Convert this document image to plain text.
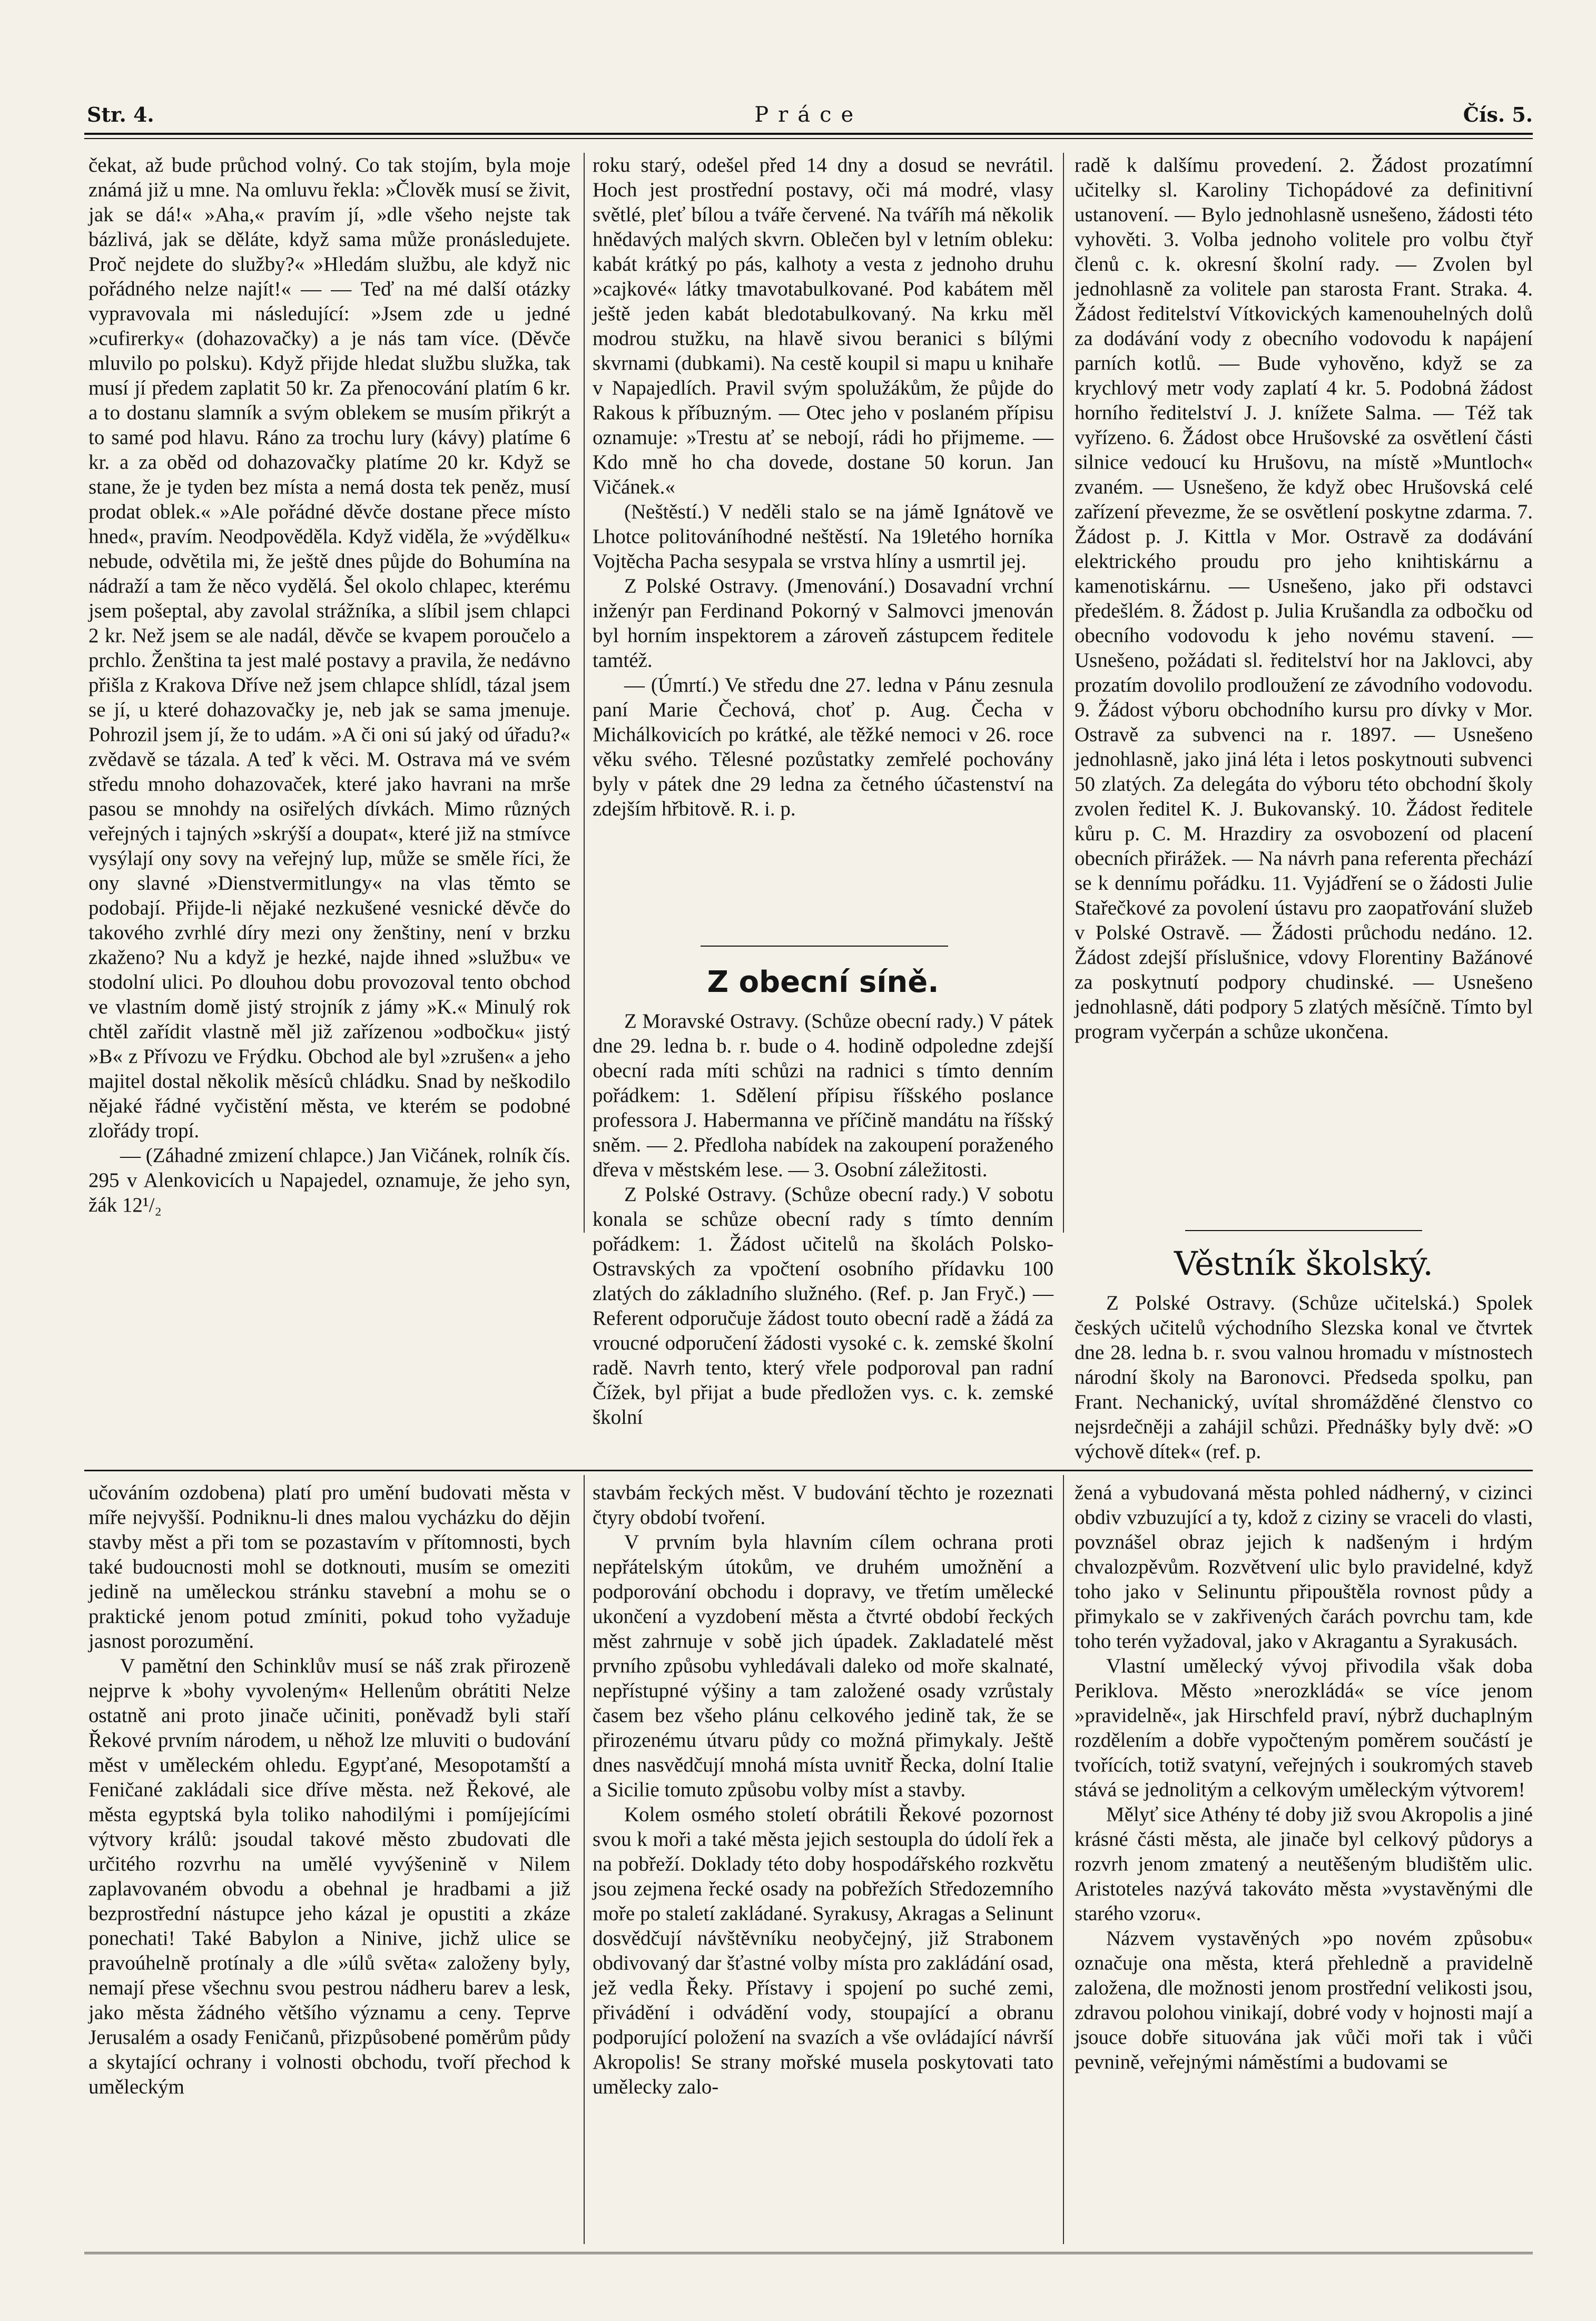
Str. 4.	Práce	Čís. 5.

čekat, až bude průchod volný. Co tak stojím, byla moje známá již u mne. Na omluvu řekla: »Člověk musí se živit, jak se dá!« »Aha,« pravím jí, »dle všeho nejste tak bázlivá, jak se děláte, když sama může pronásledujete. Proč nejdete do služby?« »Hledám službu, ale když nic pořádného nelze najít!« — — Teď na mé další otázky vypravovala mi následující: »Jsem zde u jedné »cufirerky« (dohazovačky) a je nás tam více. (Děvče mluvilo po polsku). Když přijde hledat službu služka, tak musí jí předem zaplatit 50 kr. Za přenocování platím 6 kr. a to dostanu slamník a svým oblekem se musím přikrýt a to samé pod hlavu. Ráno za trochu lury (kávy) platíme 6 kr. a za oběd od dohazovačky platíme 20 kr. Když se stane, že je tyden bez místa a nemá dosta tek peněz, musí prodat oblek.« »Ale pořádné děvče dostane přece místo hned«, pravím. Neodpověděla. Když viděla, že »výdělku« nebude, odvětila mi, že ještě dnes půjde do Bohumína na nádraží a tam že něco vydělá. Šel okolo chlapec, kterému jsem pošeptal, aby zavolal strážníka, a slíbil jsem chlapci 2 kr. Než jsem se ale nadál, děvče se kvapem poroučelo a prchlo. Ženština ta jest malé postavy a pravila, že nedávno přišla z Krakova Dříve než jsem chlapce shlídl, tázal jsem se jí, u které dohazovačky je, neb jak se sama jmenuje. Pohrozil jsem jí, že to udám. »A či oni sú jaký od úřadu?« zvědavě se tázala. A teď k věci. M. Ostrava má ve svém středu mnoho dohazovaček, které jako havrani na mrše pasou se mnohdy na osiřelých dívkách. Mimo různých veřejných i tajných »skrýší a doupat«, které již na stmívce vysýlají ony sovy na veřejný lup, může se směle říci, že ony slavné »Dienstvermitlungy« na vlas těmto se podobají. Přijde-li nějaké nezkušené vesnické děvče do takového zvrhlé díry mezi ony ženštiny, není v brzku zkaženo? Nu a když je hezké, najde ihned »službu« ve stodolní ulici. Po dlouhou dobu provozoval tento obchod ve vlastním domě jistý strojník z jámy »K.« Minulý rok chtěl zařídit vlastně měl již zařízenou »odbočku« jistý »B« z Přívozu ve Frýdku. Obchod ale byl »zrušen« a jeho majitel dostal několik měsíců chládku. Snad by neškodilo nějaké řádné vyčistění města, ve kterém se podobné zlořády tropí.

— (Záhadné zmizení chlapce.) Jan Vičánek, rolník čís. 295 v Alenkovicích u Napajedel, oznamuje, že jeho syn, žák 12¹/₂

roku starý, odešel před 14 dny a dosud se nevrátil. Hoch jest prostřední postavy, oči má modré, vlasy světlé, pleť bílou a tváře červené. Na tváříh má několik hnědavých malých skvrn. Oblečen byl v letním obleku: kabát krátký po pás, kalhoty a vesta z jednoho druhu »cajkové« látky tmavotabulkované. Pod kabátem měl ještě jeden kabát bledotabulkovaný. Na krku měl modrou stužku, na hlavě sivou beranici s bílými skvrnami (dubkami). Na cestě koupil si mapu u knihaře v Napajedlích. Pravil svým spolužákům, že půjde do Rakous k příbuzným. — Otec jeho v poslaném přípisu oznamuje: »Trestu ať se nebojí, rádi ho přijmeme. — Kdo mně ho cha dovede, dostane 50 korun. Jan Vičánek.«

(Neštěstí.) V neděli stalo se na jámě Ignátově ve Lhotce politováníhodné neštěstí. Na 19letého horníka Vojtěcha Pacha sesypala se vrstva hlíny a usmrtil jej.

Z Polské Ostravy. (Jmenování.) Dosavadní vrchní inženýr pan Ferdinand Pokorný v Salmovci jmenován byl horním inspektorem a zároveň zástupcem ředitele tamtéž.

— (Úmrtí.) Ve středu dne 27. ledna v Pánu zesnula paní Marie Čechová, choť p. Aug. Čecha v Michálkovicích po krátké, ale těžké nemoci v 26. roce věku svého. Tělesné pozůstatky zemřelé pochovány byly v pátek dne 29 ledna za četného účastenství na zdejším hřbitově. R. i. p.

Z obecní síně.

Z Moravské Ostravy. (Schůze obecní rady.) V pátek dne 29. ledna b. r. bude o 4. hodině odpoledne zdejší obecní rada míti schůzi na radnici s tímto denním pořádkem: 1. Sdělení přípisu říšského poslance professora J. Habermanna ve příčině mandátu na říšský sněm. — 2. Předloha nabídek na zakoupení poraženého dřeva v městském lese. — 3. Osobní záležitosti.

Z Polské Ostravy. (Schůze obecní rady.) V sobotu konala se schůze obecní rady s tímto denním pořádkem: 1. Žádost učitelů na školách Polsko-Ostravských za vpočtení osobního přídavku 100 zlatých do základního služného. (Ref. p. Jan Fryč.) — Referent odporučuje žádost touto obecní radě a žádá za vroucné odporučení žádosti vysoké c. k. zemské školní radě. Navrh tento, který vřele podporoval pan radní Čížek, byl přijat a bude předložen vys. c. k. zemské školní

radě k dalšímu provedení. 2. Žádost prozatímní učitelky sl. Karoliny Tichopádové za definitivní ustanovení. — Bylo jednohlasně usnešeno, žádosti této vyhověti. 3. Volba jednoho volitele pro volbu čtyř členů c. k. okresní školní rady. — Zvolen byl jednohlasně za volitele pan starosta Frant. Straka. 4. Žádost ředitelství Vítkovických kamenouhelných dolů za dodávání vody z obecního vodovodu k napájení parních kotlů. — Bude vyhověno, když se za krychlový metr vody zaplatí 4 kr. 5. Podobná žádost horního ředitelství J. J. knížete Salma. — Též tak vyřízeno. 6. Žádost obce Hrušovské za osvětlení části silnice vedoucí ku Hrušovu, na místě »Muntloch« zvaném. — Usnešeno, že když obec Hrušovská celé zařízení převezme, že se osvětlení poskytne zdarma. 7. Žádost p. J. Kittla v Mor. Ostravě za dodávání elektrického proudu pro jeho knihtiskárnu a kamenotiskárnu. — Usnešeno, jako při odstavci předešlém. 8. Žádost p. Julia Krušandla za odbočku od obecního vodovodu k jeho novému stavení. — Usnešeno, požádati sl. ředitelství hor na Jaklovci, aby prozatím dovolilo prodloužení ze závodního vodovodu. 9. Žádost výboru obchodního kursu pro dívky v Mor. Ostravě za subvenci na r. 1897. — Usnešeno jednohlasně, jako jiná léta i letos poskytnouti subvenci 50 zlatých. Za delegáta do výboru této obchodní školy zvolen ředitel K. J. Bukovanský. 10. Žádost ředitele kůru p. C. M. Hrazdiry za osvobození od placení obecních přirážek. — Na návrh pana referenta přechází se k dennímu pořádku. 11. Vyjádření se o žádosti Julie Stařečkové za povolení ústavu pro zaopatřování služeb v Polské Ostravě. — Žádosti průchodu nedáno. 12. Žádost zdejší příslušnice, vdovy Florentiny Bažánové za poskytnutí podpory chudinské. — Usnešeno jednohlasně, dáti podpory 5 zlatých měsíčně. Tímto byl program vyčerpán a schůze ukončena.

Věstník školský.

Z Polské Ostravy. (Schůze učitelská.) Spolek českých učitelů východního Slezska konal ve čtvrtek dne 28. ledna b. r. svou valnou hromadu v místnostech národní školy na Baronovci. Předseda spolku, pan Frant. Nechanický, uvítal shromážděné členstvo co nejsrdečněji a zahájil schůzi. Přednášky byly dvě: »O výchově dítek« (ref. p.

učováním ozdobena) platí pro umění budovati města v míře nejvyšší. Podniknu-li dnes malou vycházku do dějin stavby měst a při tom se pozastavím v přítomnosti, bych také budoucnosti mohl se dotknouti, musím se omeziti jedině na uměleckou stránku stavební a mohu se o praktické jenom potud zmíniti, pokud toho vyžaduje jasnost porozumění.

V pamětní den Schinklův musí se náš zrak přirozeně nejprve k »bohy vyvoleným« Hellenům obrátiti Nelze ostatně ani proto jinače učiniti, poněvadž byli staří Řekové prvním národem, u něhož lze mluviti o budování měst v uměleckém ohledu. Egypťané, Mesopotamští a Feničané zakládali sice dříve města. než Řekové, ale města egyptská byla toliko nahodilými i pomíjejícími výtvory králů: jsoudal takové město zbudovati dle určitého rozvrhu na umělé vyvýšenině v Nilem zaplavovaném obvodu a obehnal je hradbami a již bezprostřední nástupce jeho kázal je opustiti a zkáze ponechati! Také Babylon a Ninive, jichž ulice se pravoúhelně protínaly a dle »úlů světa« založeny byly, nemají přese všechnu svou pestrou nádheru barev a lesk, jako města žádného většího významu a ceny. Teprve Jerusalém a osady Feničanů, přizpůsobené poměrům půdy a skytající ochrany i volnosti obchodu, tvoří přechod k uměleckým

stavbám řeckých měst. V budování těchto je rozeznati čtyry období tvoření.

V prvním byla hlavním cílem ochrana proti nepřátelským útokům, ve druhém umožnění a podporování obchodu i dopravy, ve třetím umělecké ukončení a vyzdobení města a čtvrté období řeckých měst zahrnuje v sobě jich úpadek. Zakladatelé měst prvního způsobu vyhledávali daleko od moře skalnaté, nepřístupné výšiny a tam založené osady vzrůstaly časem bez všeho plánu celkového jedině tak, že se přirozenému útvaru půdy co možná přimykaly. Ještě dnes nasvědčují mnohá místa uvnitř Řecka, dolní Italie a Sicilie tomuto způsobu volby míst a stavby.

Kolem osmého století obrátili Řekové pozornost svou k moři a také města jejich sestoupla do údolí řek a na pobřeží. Doklady této doby hospodářského rozkvětu jsou zejmena řecké osady na pobřežích Středozemního moře po staletí zakládané. Syrakusy, Akragas a Selinunt dosvědčují návštěvníku neobyčejný, již Strabonem obdivovaný dar šťastné volby místa pro zakládání osad, jež vedla Řeky. Přístavy i spojení po suché zemi, přivádění i odvádění vody, stoupající a obranu podporující položení na svazích a vše ovládající návrší Akropolis! Se strany mořské musela poskytovati tato umělecky zalo-

žená a vybudovaná města pohled nádherný, v cizinci obdiv vzbuzující a ty, kdož z ciziny se vraceli do vlasti, povznášel obraz jejich k nadšeným i hrdým chvalozpěvům. Rozvětvení ulic bylo pravidelné, když toho jako v Selinuntu připouštěla rovnost půdy a přimykalo se v zakřivených čarách povrchu tam, kde toho terén vyžadoval, jako v Akragantu a Syrakusách.

Vlastní umělecký vývoj přivodila však doba Periklova. Město »nerozkládá« se více jenom »pravidelně«, jak Hirschfeld praví, nýbrž duchaplným rozdělením a dobře vypočteným poměrem součástí je tvořících, totiž svatyní, veřejných i soukromých staveb stává se jednolitým a celkovým uměleckým výtvorem!

Mělyť sice Athény té doby již svou Akropolis a jiné krásné části města, ale jinače byl celkový půdorys a rozvrh jenom zmatený a neutěšeným bludištěm ulic. Aristoteles nazývá takováto města »vystavěnými dle starého vzoru«.

Názvem vystavěných »po novém způsobu« označuje ona města, která přehledně a pravidelně založena, dle možnosti jenom prostřední velikosti jsou, zdravou polohou vinikají, dobré vody v hojnosti mají a jsouce dobře situována jak vůči moři tak i vůči pevnině, veřejnými náměstími a budovami se
